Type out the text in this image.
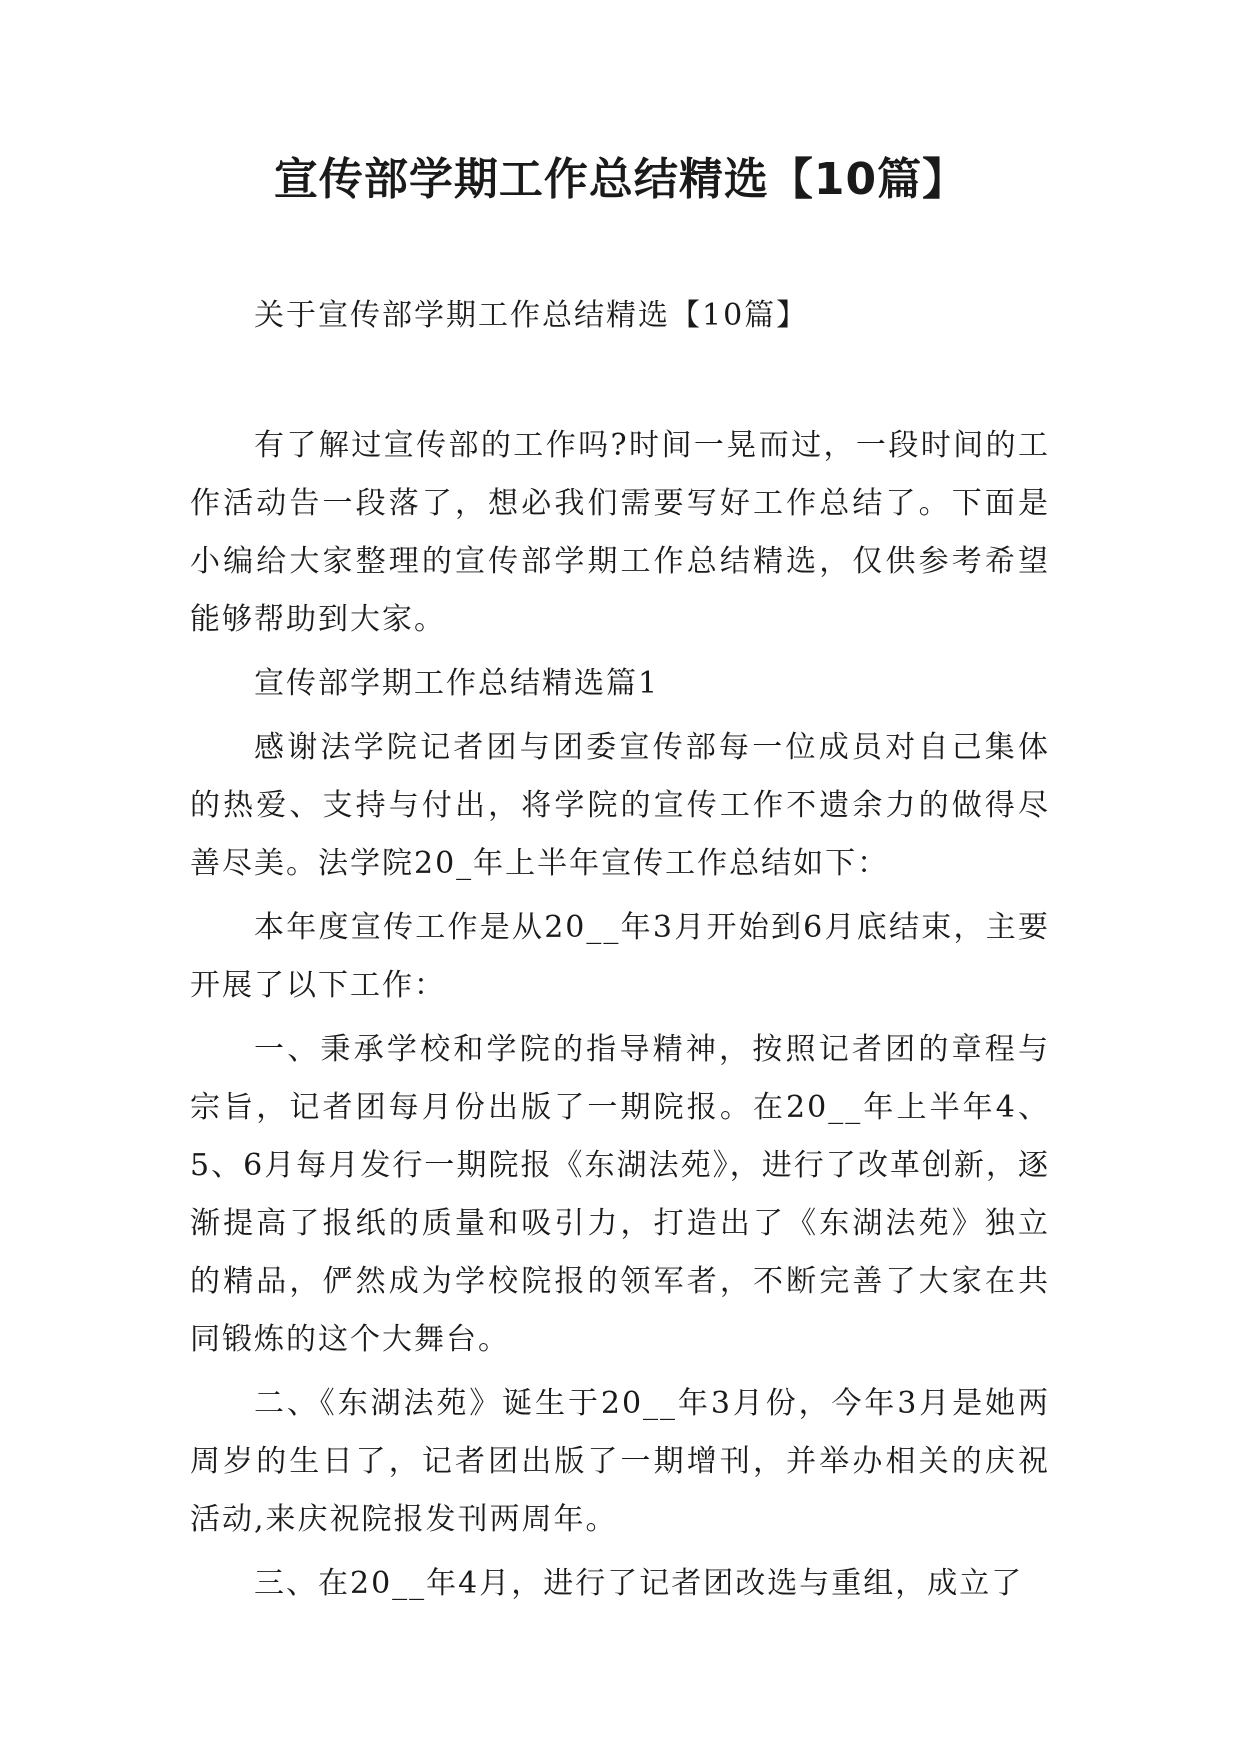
宣传部学期工作总结精选【10篇】

关于宣传部学期工作总结精选【10篇】

有了解过宣传部的工作吗?时间一晃而过，一段时间的工作活动告一段落了，想必我们需要写好工作总结了。下面是小编给大家整理的宣传部学期工作总结精选，仅供参考希望能够帮助到大家。

宣传部学期工作总结精选篇1

感谢法学院记者团与团委宣传部每一位成员对自己集体的热爱、支持与付出，将学院的宣传工作不遗余力的做得尽善尽美。法学院20_年上半年宣传工作总结如下：

本年度宣传工作是从20__年3月开始到6月底结束，主要开展了以下工作：

一、秉承学校和学院的指导精神，按照记者团的章程与宗旨，记者团每月份出版了一期院报。在20__年上半年4、5、6月每月发行一期院报《东湖法苑》，进行了改革创新，逐渐提高了报纸的质量和吸引力，打造出了《东湖法苑》独立的精品，俨然成为学校院报的领军者，不断完善了大家在共同锻炼的这个大舞台。

二、《东湖法苑》诞生于20__年3月份，今年3月是她两周岁的生日了，记者团出版了一期增刊，并举办相关的庆祝活动,来庆祝院报发刊两周年。

三、在20__年4月，进行了记者团改选与重组，成立了
